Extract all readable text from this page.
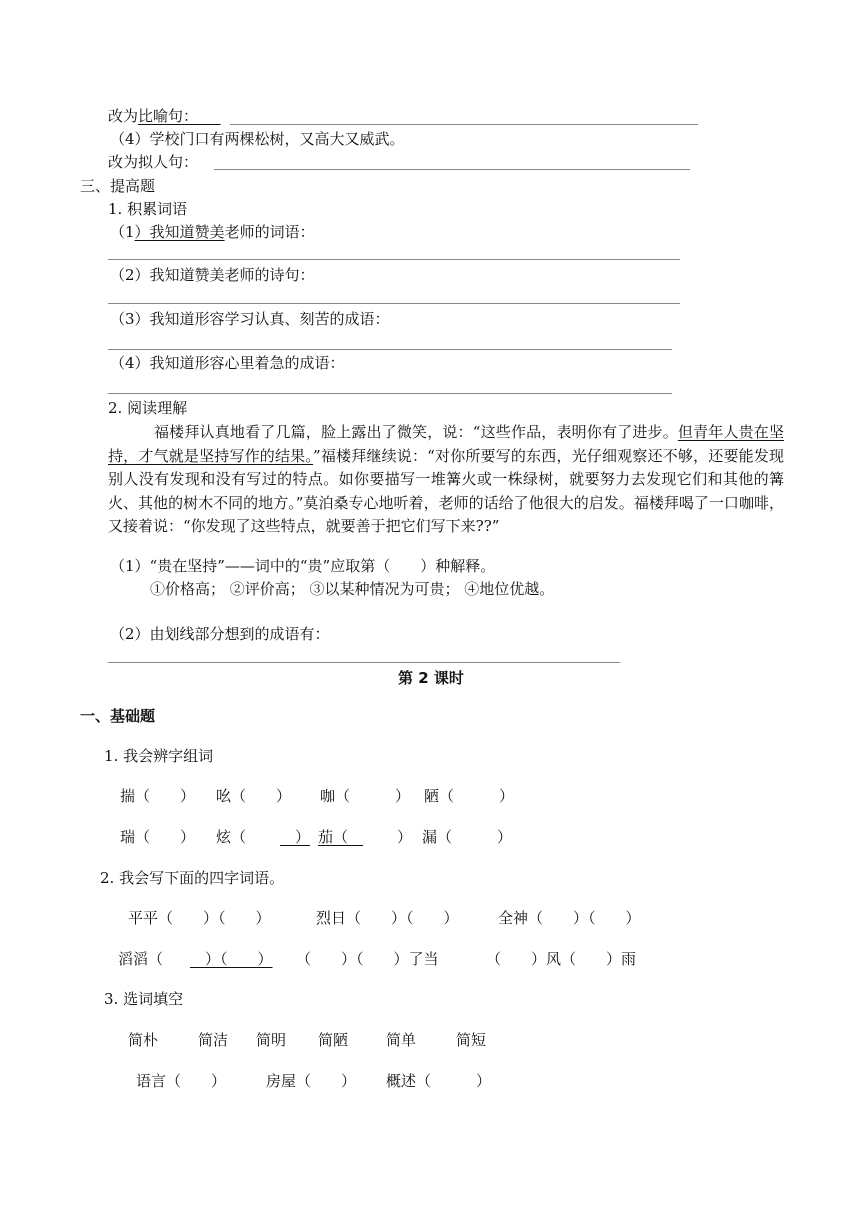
改为比喻句：　　
（4）学校门口有两棵松树，又高大又威武。
改为拟人句：
三、提高题
1. 积累词语
（1）我知道赞美老师的词语：
（2）我知道赞美老师的诗句：
（3）我知道形容学习认真、刻苦的成语：
（4）我知道形容心里着急的成语：
2. 阅读理解
福楼拜认真地看了几篇，脸上露出了微笑，说：“这些作品，表明你有了进步。但青年人贵在坚持，才气就是坚持写作的结果。”福楼拜继续说：“对你所要写的东西，光仔细观察还不够，还要能发现别人没有发现和没有写过的特点。如你要描写一堆篝火或一株绿树，就要努力去发现它们和其他的篝火、其他的树木不同的地方。”莫泊桑专心地听着，老师的话给了他很大的启发。福楼拜喝了一口咖啡，又接着说：“你发现了这些特点，就要善于把它们写下来??”
（1）“贵在坚持”——词中的“贵”应取第（　　）种解释。
①价格高； ②评价高； ③以某种情况为可贵； ④地位优越。
（2）由划线部分想到的成语有：
第 2 课时
一、基础题
1. 我会辨字组词
揣（　　） 吆（　　） 咖（　　　） 陋（　　　）
瑞（　　） 炫（ 　） 茄（　 　） 漏（　　　）
2. 我会写下面的四字词语。
平平（　　）（　　）	烈日（　　）（　　）	全神（　　）（　　）
滔滔（ 　）（　　） （　　）（　　）了当	（　　）风（　　）雨
3. 选词填空
简朴	简洁 简明 简陋	简单	简短
语言（　　）	房屋（　　） 概述（　　　）
